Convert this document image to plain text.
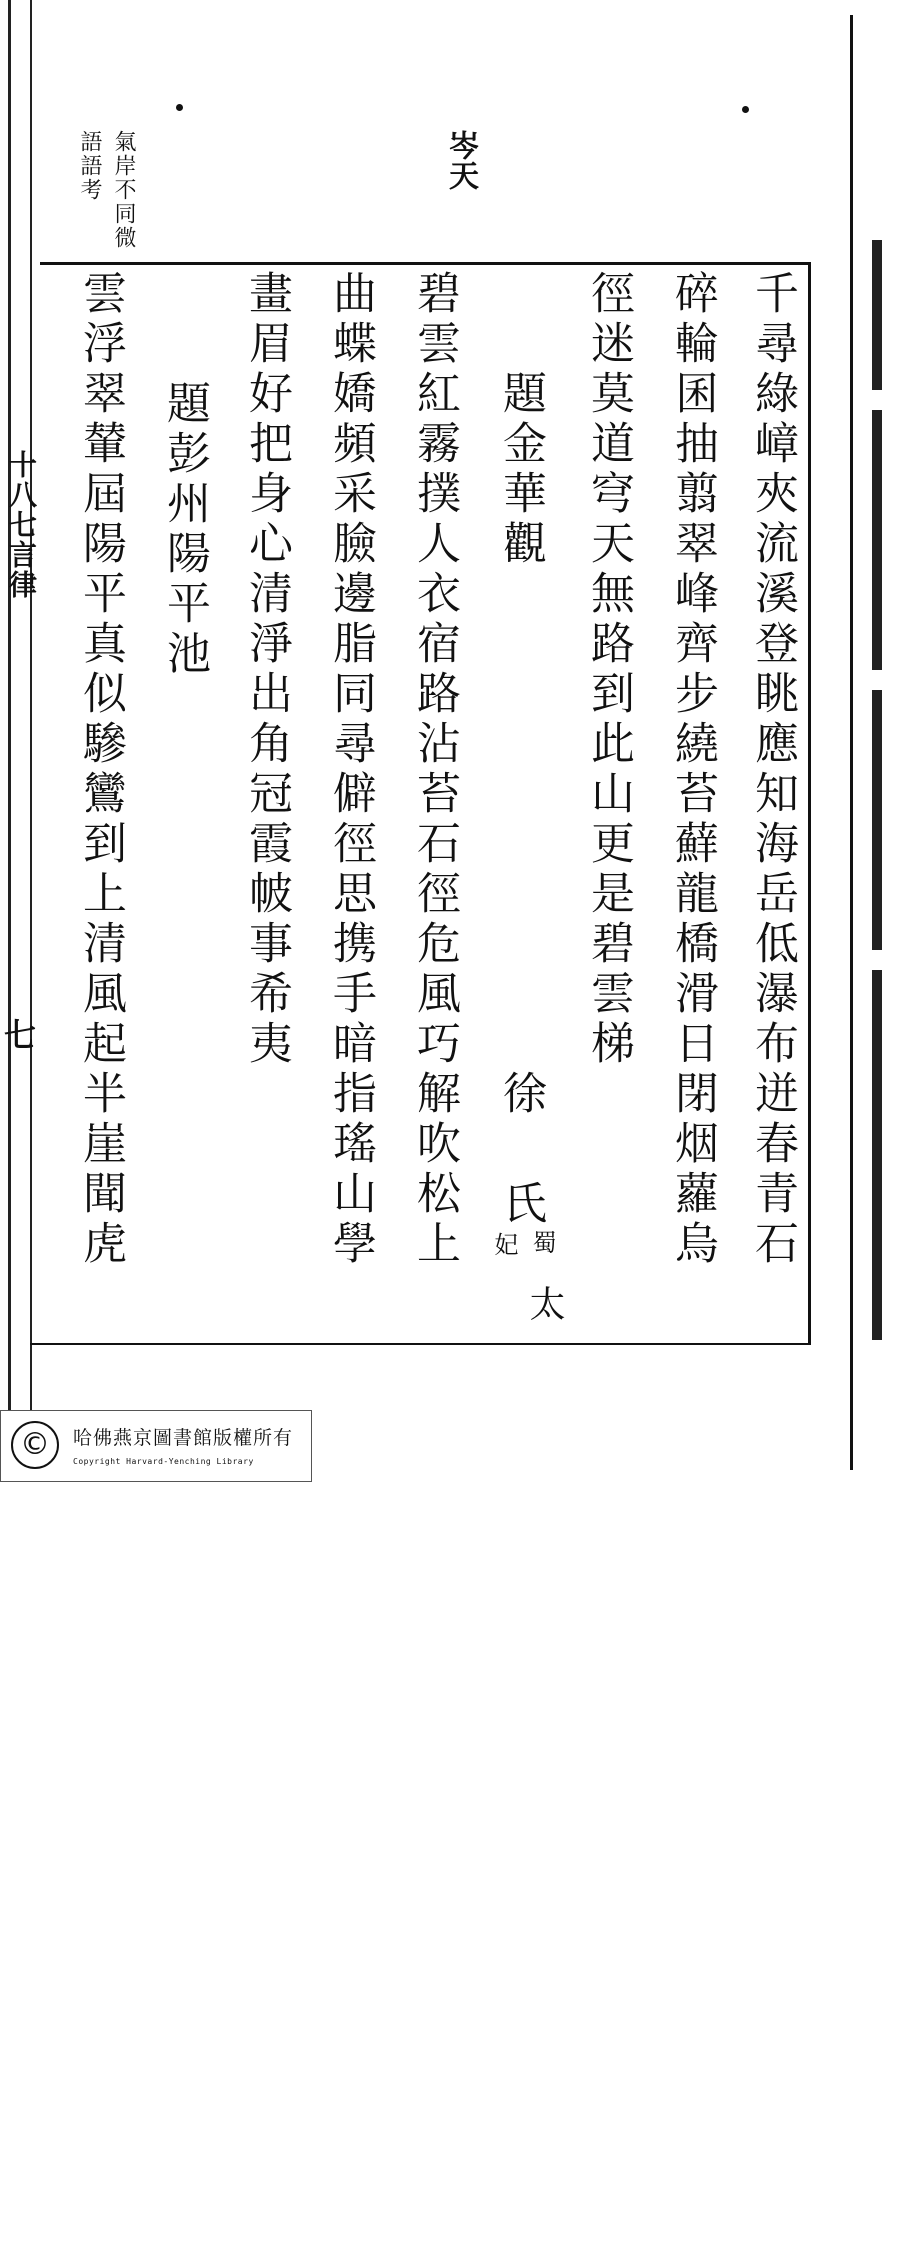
十八七言律
七
氣岸不同微語語考	岑天
千尋綠嶂夾流溪登眺應知海岳低瀑布迸春青石
碎輪囷抽翦翠峰齊步繞苔蘚龍橋滑日閉烟蘿烏
徑迷莫道穹天無路到此山更是碧雲梯
題金華觀
徐
氏
蜀
妃
太
碧雲紅霧撲人衣宿路沾苔石徑危風巧解吹松上
曲蝶嬌頻采臉邊脂同尋僻徑思携手暗指瑤山學
畫眉好把身心清淨出角冠霞帔事希夷
題彭州陽平池
雲浮翠輦屆陽平真似驂鸞到上清風起半崖聞虎
©	哈佛燕京圖書館版權所有
Copyright Harvard-Yenching Library
